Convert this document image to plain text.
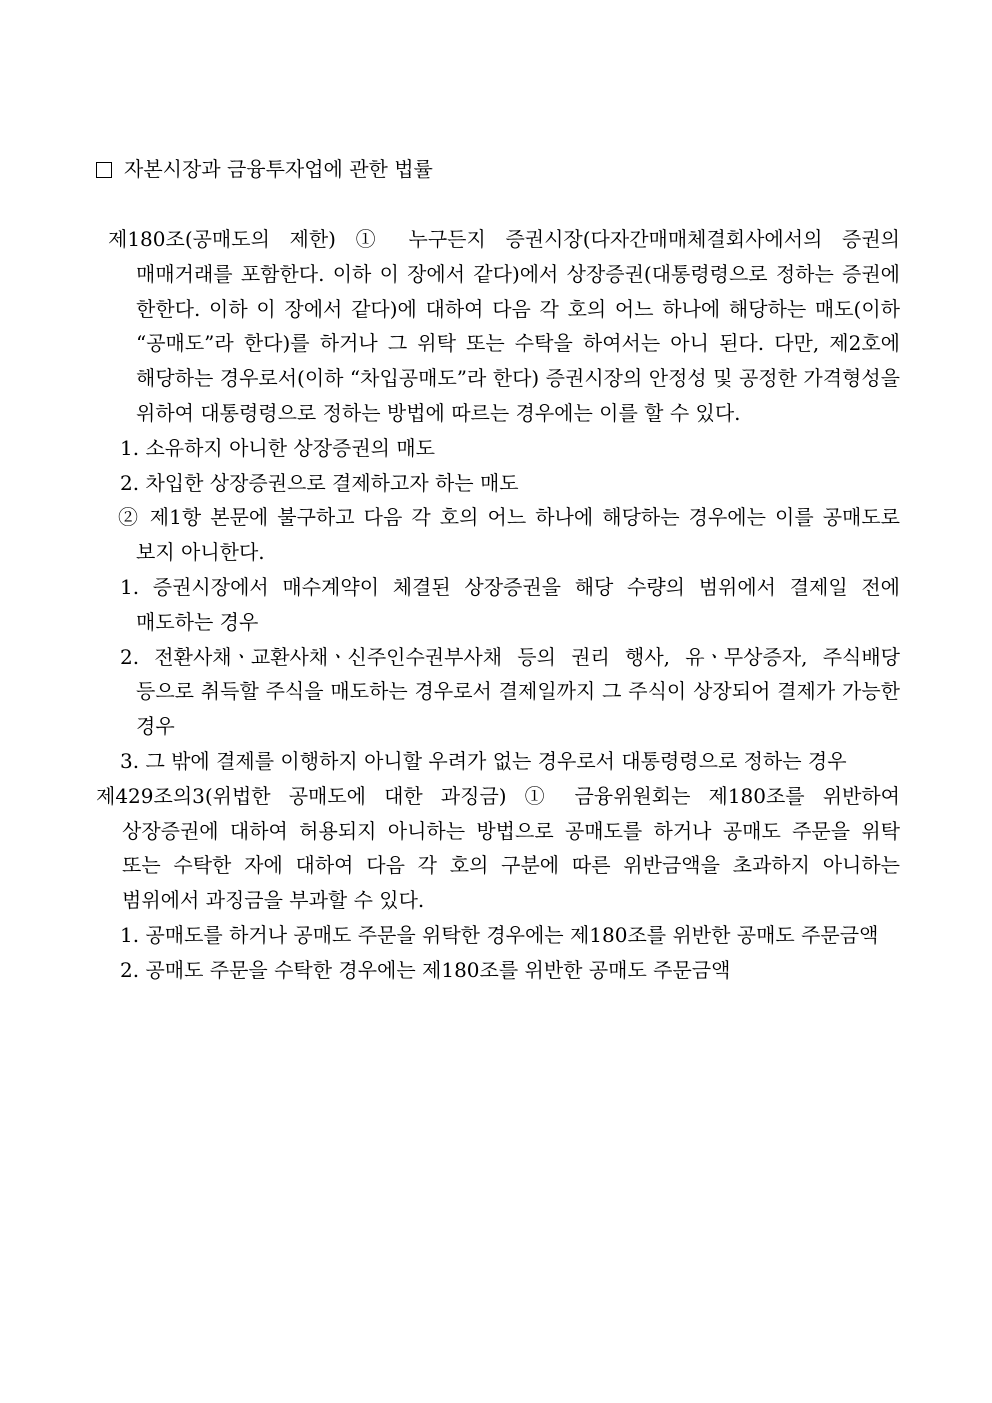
자본시장과 금융투자업에 관한 법률

제180조(공매도의 제한) ① 누구든지 증권시장(다자간매매체결회사에서의 증권의 매매거래를 포함한다. 이하 이 장에서 같다)에서 상장증권(대통령령으로 정하는 증권에 한한다. 이하 이 장에서 같다)에 대하여 다음 각 호의 어느 하나에 해당하는 매도(이하 “공매도”라 한다)를 하거나 그 위탁 또는 수탁을 하여서는 아니 된다. 다만, 제2호에 해당하는 경우로서(이하 “차입공매도”라 한다) 증권시장의 안정성 및 공정한 가격형성을 위하여 대통령령으로 정하는 방법에 따르는 경우에는 이를 할 수 있다.

1. 소유하지 아니한 상장증권의 매도

2. 차입한 상장증권으로 결제하고자 하는 매도

② 제1항 본문에 불구하고 다음 각 호의 어느 하나에 해당하는 경우에는 이를 공매도로 보지 아니한다.

1. 증권시장에서 매수계약이 체결된 상장증권을 해당 수량의 범위에서 결제일 전에 매도하는 경우

2. 전환사채ㆍ교환사채ㆍ신주인수권부사채 등의 권리 행사, 유ㆍ무상증자, 주식배당 등으로 취득할 주식을 매도하는 경우로서 결제일까지 그 주식이 상장되어 결제가 가능한 경우

3. 그 밖에 결제를 이행하지 아니할 우려가 없는 경우로서 대통령령으로 정하는 경우

제429조의3(위법한 공매도에 대한 과징금) ① 금융위원회는 제180조를 위반하여 상장증권에 대하여 허용되지 아니하는 방법으로 공매도를 하거나 공매도 주문을 위탁 또는 수탁한 자에 대하여 다음 각 호의 구분에 따른 위반금액을 초과하지 아니하는 범위에서 과징금을 부과할 수 있다.

1. 공매도를 하거나 공매도 주문을 위탁한 경우에는 제180조를 위반한 공매도 주문금액

2. 공매도 주문을 수탁한 경우에는 제180조를 위반한 공매도 주문금액
